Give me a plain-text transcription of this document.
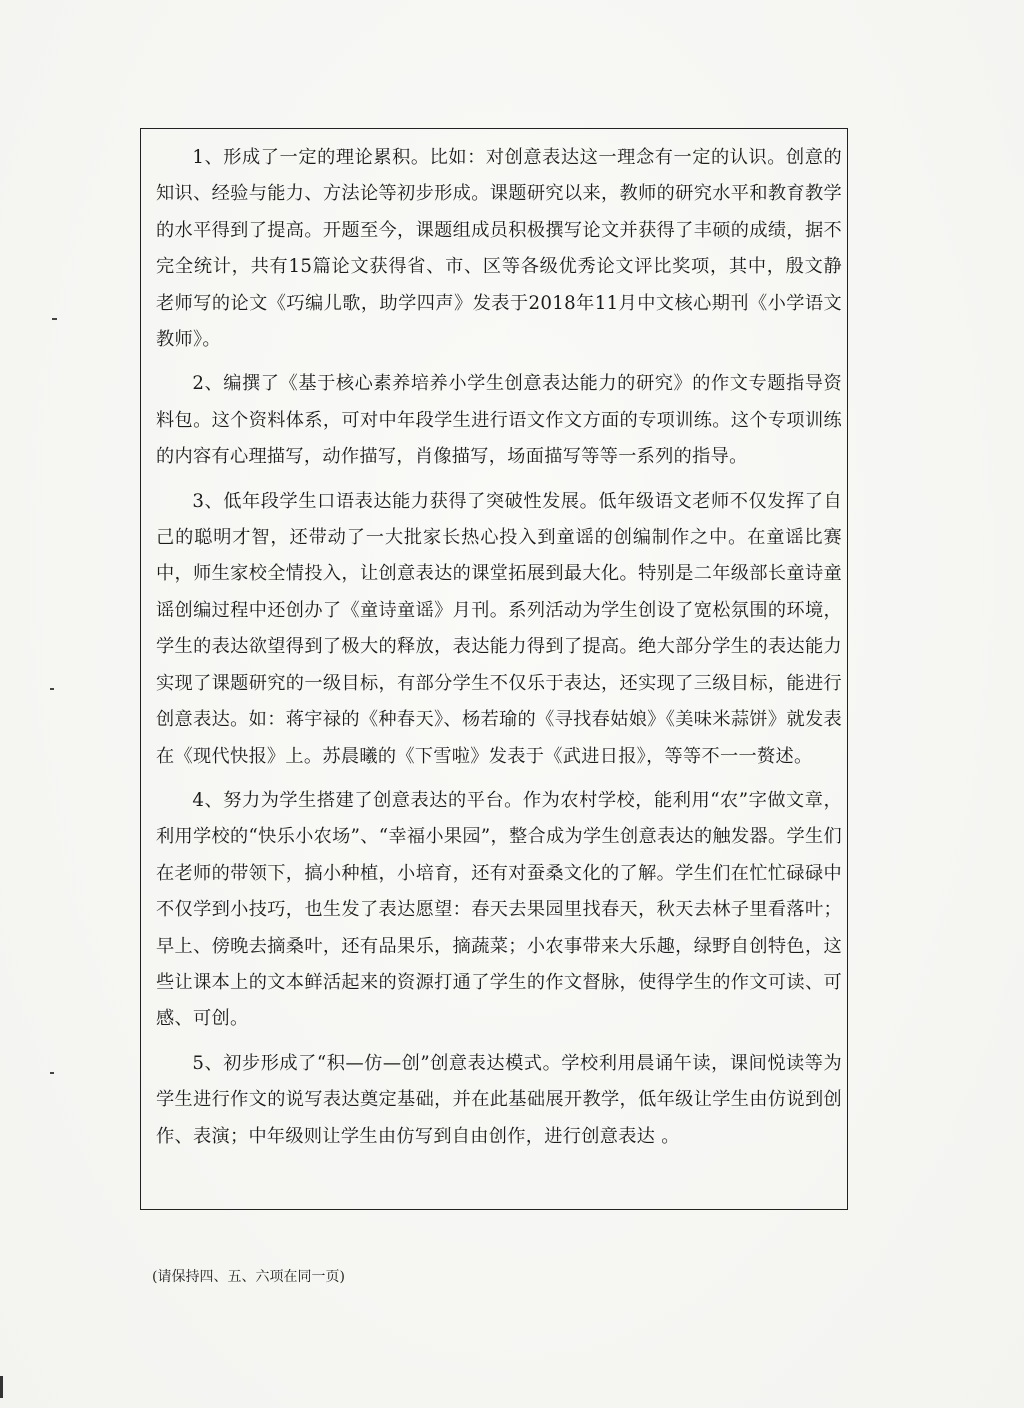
1、形成了一定的理论累积。比如：对创意表达这一理念有一定的认识。创意的知识、经验与能力、方法论等初步形成。课题研究以来，教师的研究水平和教育教学的水平得到了提高。开题至今，课题组成员积极撰写论文并获得了丰硕的成绩，据不完全统计，共有15篇论文获得省、市、区等各级优秀论文评比奖项，其中，殷文静老师写的论文《巧编儿歌，助学四声》发表于2018年11月中文核心期刊《小学语文教师》。

2、编撰了《基于核心素养培养小学生创意表达能力的研究》的作文专题指导资料包。这个资料体系，可对中年段学生进行语文作文方面的专项训练。这个专项训练的内容有心理描写，动作描写，肖像描写，场面描写等等一系列的指导。

3、低年段学生口语表达能力获得了突破性发展。低年级语文老师不仅发挥了自己的聪明才智，还带动了一大批家长热心投入到童谣的创编制作之中。在童谣比赛中，师生家校全情投入，让创意表达的课堂拓展到最大化。特别是二年级部长童诗童谣创编过程中还创办了《童诗童谣》月刊。系列活动为学生创设了宽松氛围的环境，学生的表达欲望得到了极大的释放，表达能力得到了提高。绝大部分学生的表达能力实现了课题研究的一级目标，有部分学生不仅乐于表达，还实现了三级目标，能进行创意表达。如：蒋宇禄的《种春天》、杨若瑜的《寻找春姑娘》《美味米蒜饼》就发表在《现代快报》上。苏晨曦的《下雪啦》发表于《武进日报》，等等不一一赘述。

4、努力为学生搭建了创意表达的平台。作为农村学校，能利用“农”字做文章，利用学校的“快乐小农场”、“幸福小果园”，整合成为学生创意表达的触发器。学生们在老师的带领下，搞小种植，小培育，还有对蚕桑文化的了解。学生们在忙忙碌碌中不仅学到小技巧，也生发了表达愿望：春天去果园里找春天，秋天去林子里看落叶；早上、傍晚去摘桑叶，还有品果乐，摘蔬菜；小农事带来大乐趣，绿野自创特色，这些让课本上的文本鲜活起来的资源打通了学生的作文督脉，使得学生的作文可读、可感、可创。

5、初步形成了“积—仿—创”创意表达模式。学校利用晨诵午读，课间悦读等为学生进行作文的说写表达奠定基础，并在此基础展开教学，低年级让学生由仿说到创作、表演；中年级则让学生由仿写到自由创作，进行创意表达 。

(请保持四、五、六项在同一页)
